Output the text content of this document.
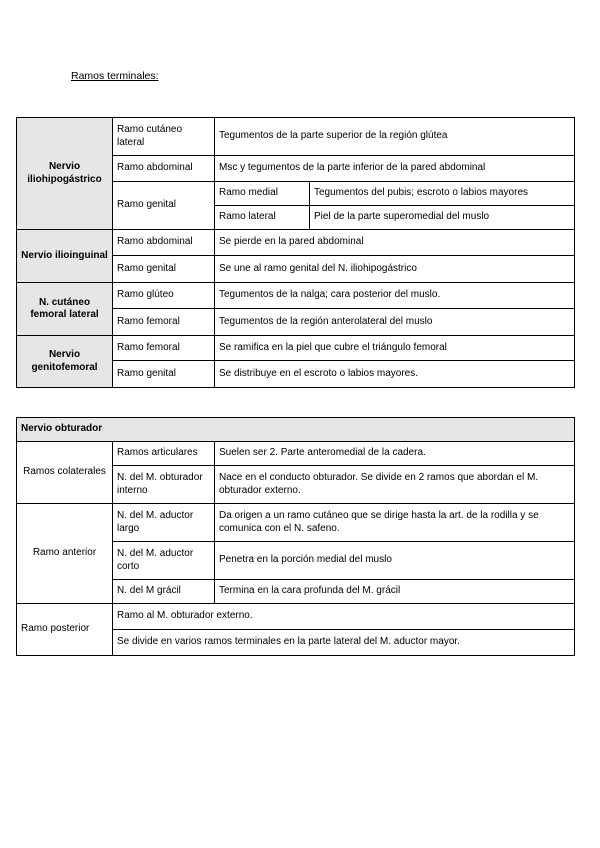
Ramos terminales:
Nervio iliohipogástrico	Ramo cutáneo lateral	Tegumentos de la parte superior de la región glútea	
	Ramo abdominal	Msc y tegumentos de la parte inferior de la pared abdominal	
	Ramo genital	Ramo medial	Tegumentos del pubis; escroto o labios mayores
		Ramo lateral	Piel de la parte superomedial del muslo
Nervio ilioinguinal	Ramo abdominal	Se pierde en la pared abdominal	
	Ramo genital	Se une al ramo genital del N. iliohipogástrico	
N. cutáneo femoral lateral	Ramo glúteo	Tegumentos de la nalga; cara posterior del muslo.	
	Ramo femoral	Tegumentos de la región anterolateral del muslo	
Nervio genitofemoral	Ramo femoral	Se ramifica en la piel que cubre el triángulo femoral	
	Ramo genital	Se distribuye en el escroto o labios mayores.	
Nervio obturador		
Ramos colaterales	Ramos articulares	Suelen ser 2. Parte anteromedial de la cadera.
	N. del M. obturador interno	Nace en el conducto obturador. Se divide en 2 ramos que abordan el M. obturador externo.
Ramo anterior	N. del M. aductor largo	Da origen a un ramo cutáneo que se dirige hasta la art. de la rodilla y se comunica con el N. safeno.
	N. del M. aductor corto	Penetra en la porción medial del muslo
	N. del M grácil	Termina en la cara profunda del M. grácil
Ramo posterior	Ramo al M. obturador externo.	
	Se divide en varios ramos terminales en la parte lateral del M. aductor mayor.	
